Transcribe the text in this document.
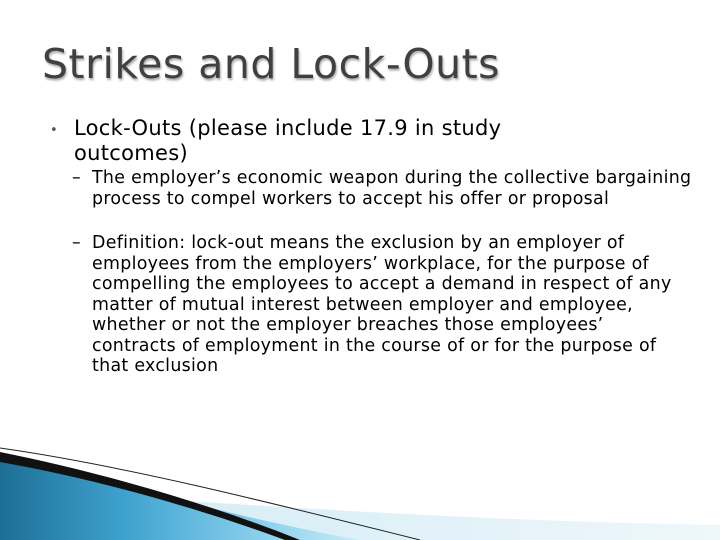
Strikes and Lock-Outs
• Lock-Outs (please include 17.9 in study outcomes)
– The employer’s economic weapon during the collective bargaining process to compel workers to accept his offer or proposal
– Definition: lock-out means the exclusion by an employer of employees from the employers’ workplace, for the purpose of compelling the employees to accept a demand in respect of any matter of mutual interest between employer and employee, whether or not the employer breaches those employees’ contracts of employment in the course of or for the purpose of that exclusion
